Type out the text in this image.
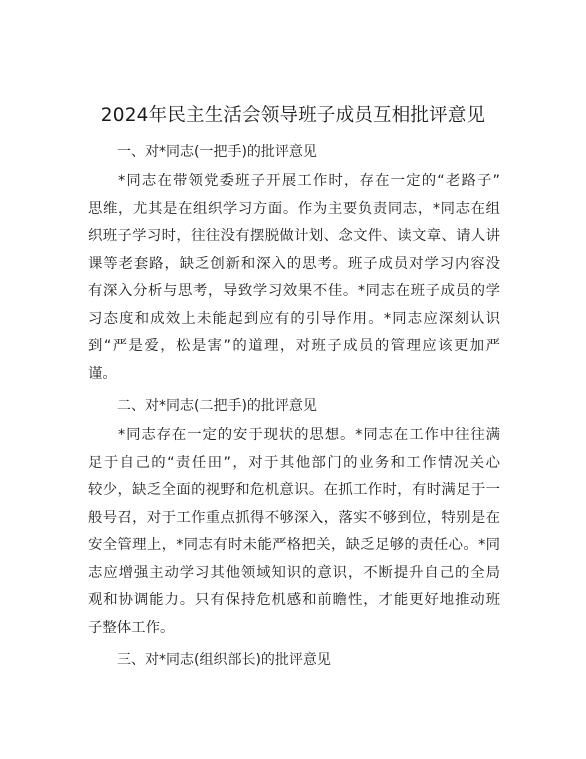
2024年民主生活会领导班子成员互相批评意见
一、对*同志(一把手)的批评意见
*同志在带领党委班子开展工作时，存在一定的“老路子”
思维，尤其是在组织学习方面。作为主要负责同志，*同志在组
织班子学习时，往往没有摆脱做计划、念文件、读文章、请人讲
课等老套路，缺乏创新和深入的思考。班子成员对学习内容没
有深入分析与思考，导致学习效果不佳。*同志在班子成员的学
习态度和成效上未能起到应有的引导作用。*同志应深刻认识
到“严是爱，松是害”的道理，对班子成员的管理应该更加严
谨。
二、对*同志(二把手)的批评意见
*同志存在一定的安于现状的思想。*同志在工作中往往满
足于自己的“责任田”，对于其他部门的业务和工作情况关心
较少，缺乏全面的视野和危机意识。在抓工作时，有时满足于一
般号召，对于工作重点抓得不够深入，落实不够到位，特别是在
安全管理上，*同志有时未能严格把关，缺乏足够的责任心。*同
志应增强主动学习其他领域知识的意识，不断提升自己的全局
观和协调能力。只有保持危机感和前瞻性，才能更好地推动班
子整体工作。
三、对*同志(组织部长)的批评意见
